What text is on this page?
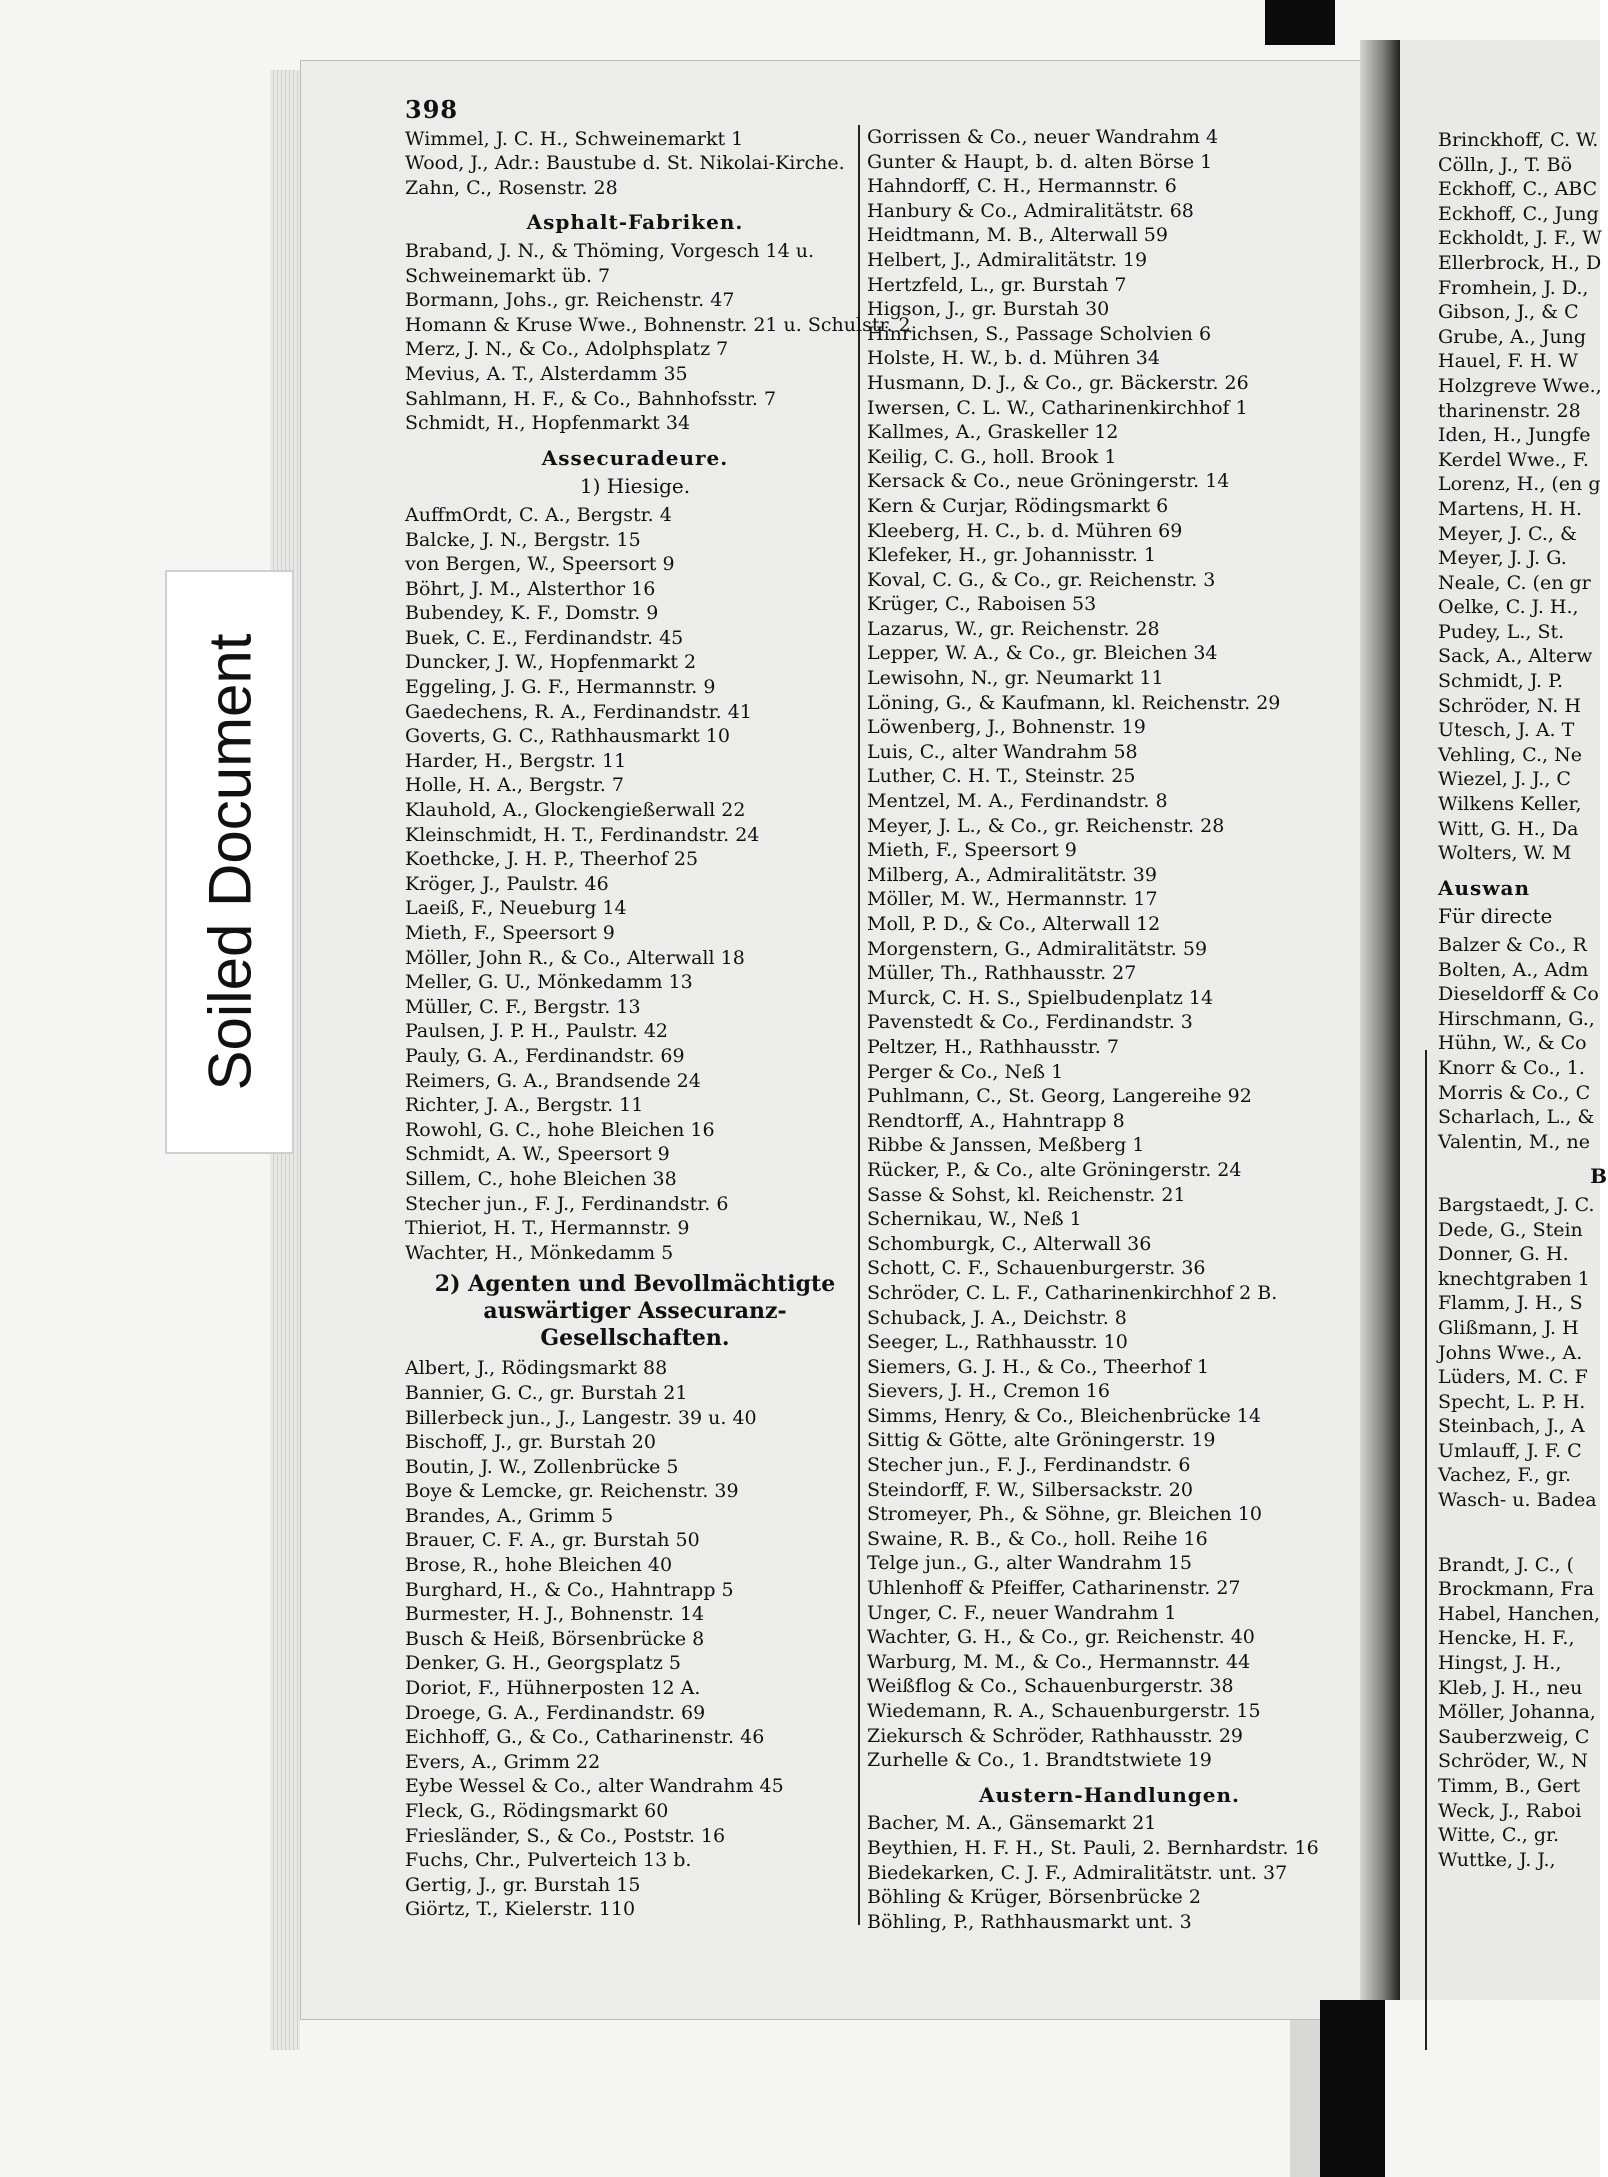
Soiled Document
398
Wimmel, J. C. H., Schweinemarkt 1
Wood, J., Adr.: Baustube d. St. Nikolai-Kirche.
Zahn, C., Rosenstr. 28
Asphalt-Fabriken.
Braband, J. N., & Thöming, Vorgesch 14 u.
Schweinemarkt üb. 7
Bormann, Johs., gr. Reichenstr. 47
Homann & Kruse Wwe., Bohnenstr. 21 u. Schulstr. 2
Merz, J. N., & Co., Adolphsplatz 7
Mevius, A. T., Alsterdamm 35
Sahlmann, H. F., & Co., Bahnhofsstr. 7
Schmidt, H., Hopfenmarkt 34
Assecuradeure.
1) Hiesige.
AuffmOrdt, C. A., Bergstr. 4
Balcke, J. N., Bergstr. 15
von Bergen, W., Speersort 9
Böhrt, J. M., Alsterthor 16
Bubendey, K. F., Domstr. 9
Buek, C. E., Ferdinandstr. 45
Duncker, J. W., Hopfenmarkt 2
Eggeling, J. G. F., Hermannstr. 9
Gaedechens, R. A., Ferdinandstr. 41
Goverts, G. C., Rathhausmarkt 10
Harder, H., Bergstr. 11
Holle, H. A., Bergstr. 7
Klauhold, A., Glockengießerwall 22
Kleinschmidt, H. T., Ferdinandstr. 24
Koethcke, J. H. P., Theerhof 25
Kröger, J., Paulstr. 46
Laeiß, F., Neueburg 14
Mieth, F., Speersort 9
Möller, John R., & Co., Alterwall 18
Meller, G. U., Mönkedamm 13
Müller, C. F., Bergstr. 13
Paulsen, J. P. H., Paulstr. 42
Pauly, G. A., Ferdinandstr. 69
Reimers, G. A., Brandsende 24
Richter, J. A., Bergstr. 11
Rowohl, G. C., hohe Bleichen 16
Schmidt, A. W., Speersort 9
Sillem, C., hohe Bleichen 38
Stecher jun., F. J., Ferdinandstr. 6
Thieriot, H. T., Hermannstr. 9
Wachter, H., Mönkedamm 5
2) Agenten und Bevollmächtigte auswärtiger Assecuranz-Gesellschaften.
Albert, J., Rödingsmarkt 88
Bannier, G. C., gr. Burstah 21
Billerbeck jun., J., Langestr. 39 u. 40
Bischoff, J., gr. Burstah 20
Boutin, J. W., Zollenbrücke 5
Boye & Lemcke, gr. Reichenstr. 39
Brandes, A., Grimm 5
Brauer, C. F. A., gr. Burstah 50
Brose, R., hohe Bleichen 40
Burghard, H., & Co., Hahntrapp 5
Burmester, H. J., Bohnenstr. 14
Busch & Heiß, Börsenbrücke 8
Denker, G. H., Georgsplatz 5
Doriot, F., Hühnerposten 12 A.
Droege, G. A., Ferdinandstr. 69
Eichhoff, G., & Co., Catharinenstr. 46
Evers, A., Grimm 22
Eybe Wessel & Co., alter Wandrahm 45
Fleck, G., Rödingsmarkt 60
Friesländer, S., & Co., Poststr. 16
Fuchs, Chr., Pulverteich 13 b.
Gertig, J., gr. Burstah 15
Giörtz, T., Kielerstr. 110
Gorrissen & Co., neuer Wandrahm 4
Gunter & Haupt, b. d. alten Börse 1
Hahndorff, C. H., Hermannstr. 6
Hanbury & Co., Admiralitätstr. 68
Heidtmann, M. B., Alterwall 59
Helbert, J., Admiralitätstr. 19
Hertzfeld, L., gr. Burstah 7
Higson, J., gr. Burstah 30
Hinrichsen, S., Passage Scholvien 6
Holste, H. W., b. d. Mühren 34
Husmann, D. J., & Co., gr. Bäckerstr. 26
Iwersen, C. L. W., Catharinenkirchhof 1
Kallmes, A., Graskeller 12
Keilig, C. G., holl. Brook 1
Kersack & Co., neue Gröningerstr. 14
Kern & Curjar, Rödingsmarkt 6
Kleeberg, H. C., b. d. Mühren 69
Klefeker, H., gr. Johannisstr. 1
Koval, C. G., & Co., gr. Reichenstr. 3
Krüger, C., Raboisen 53
Lazarus, W., gr. Reichenstr. 28
Lepper, W. A., & Co., gr. Bleichen 34
Lewisohn, N., gr. Neumarkt 11
Löning, G., & Kaufmann, kl. Reichenstr. 29
Löwenberg, J., Bohnenstr. 19
Luis, C., alter Wandrahm 58
Luther, C. H. T., Steinstr. 25
Mentzel, M. A., Ferdinandstr. 8
Meyer, J. L., & Co., gr. Reichenstr. 28
Mieth, F., Speersort 9
Milberg, A., Admiralitätstr. 39
Möller, M. W., Hermannstr. 17
Moll, P. D., & Co., Alterwall 12
Morgenstern, G., Admiralitätstr. 59
Müller, Th., Rathhausstr. 27
Murck, C. H. S., Spielbudenplatz 14
Pavenstedt & Co., Ferdinandstr. 3
Peltzer, H., Rathhausstr. 7
Perger & Co., Neß 1
Puhlmann, C., St. Georg, Langereihe 92
Rendtorff, A., Hahntrapp 8
Ribbe & Janssen, Meßberg 1
Rücker, P., & Co., alte Gröningerstr. 24
Sasse & Sohst, kl. Reichenstr. 21
Schernikau, W., Neß 1
Schomburgk, C., Alterwall 36
Schott, C. F., Schauenburgerstr. 36
Schröder, C. L. F., Catharinenkirchhof 2 B.
Schuback, J. A., Deichstr. 8
Seeger, L., Rathhausstr. 10
Siemers, G. J. H., & Co., Theerhof 1
Sievers, J. H., Cremon 16
Simms, Henry, & Co., Bleichenbrücke 14
Sittig & Götte, alte Gröningerstr. 19
Stecher jun., F. J., Ferdinandstr. 6
Steindorff, F. W., Silbersackstr. 20
Stromeyer, Ph., & Söhne, gr. Bleichen 10
Swaine, R. B., & Co., holl. Reihe 16
Telge jun., G., alter Wandrahm 15
Uhlenhoff & Pfeiffer, Catharinenstr. 27
Unger, C. F., neuer Wandrahm 1
Wachter, G. H., & Co., gr. Reichenstr. 40
Warburg, M. M., & Co., Hermannstr. 44
Weißflog & Co., Schauenburgerstr. 38
Wiedemann, R. A., Schauenburgerstr. 15
Ziekursch & Schröder, Rathhausstr. 29
Zurhelle & Co., 1. Brandtstwiete 19
Austern-Handlungen.
Bacher, M. A., Gänsemarkt 21
Beythien, H. F. H., St. Pauli, 2. Bernhardstr. 16
Biedekarken, C. J. F., Admiralitätstr. unt. 37
Böhling & Krüger, Börsenbrücke 2
Böhling, P., Rathhausmarkt unt. 3
Brinckhoff, C. W.
Cölln, J., T. Bö
Eckhoff, C., ABC
Eckhoff, C., Jung
Eckholdt, J. F., W
Ellerbrock, H., D
Fromhein, J. D.,
Gibson, J., & C
Grube, A., Jung
Hauel, F. H. W
Holzgreve Wwe.,
tharinenstr. 28
Iden, H., Jungfe
Kerdel Wwe., F.
Lorenz, H., (en g
Martens, H. H.
Meyer, J. C., &
Meyer, J. J. G.
Neale, C. (en gr
Oelke, C. J. H.,
Pudey, L., St.
Sack, A., Alterw
Schmidt, J. P.
Schröder, N. H
Utesch, J. A. T
Vehling, C., Ne
Wiezel, J. J., C
Wilkens Keller,
Witt, G. H., Da
Wolters, W. M
Auswan
Für directe
Balzer & Co., R
Bolten, A., Adm
Dieseldorff & Co
Hirschmann, G.,
Hühn, W., & Co
Knorr & Co., 1.
Morris & Co., C
Scharlach, L., &
Valentin, M., ne
B
Bargstaedt, J. C.
Dede, G., Stein
Donner, G. H.
knechtgraben 1
Flamm, J. H., S
Glißmann, J. H
Johns Wwe., A.
Lüders, M. C. F
Specht, L. P. H.
Steinbach, J., A
Umlauff, J. F. C
Vachez, F., gr.
Wasch- u. Badea
Brandt, J. C., (
Brockmann, Fra
Habel, Hanchen,
Hencke, H. F.,
Hingst, J. H.,
Kleb, J. H., neu
Möller, Johanna,
Sauberzweig, C
Schröder, W., N
Timm, B., Gert
Weck, J., Raboi
Witte, C., gr.
Wuttke, J. J.,
